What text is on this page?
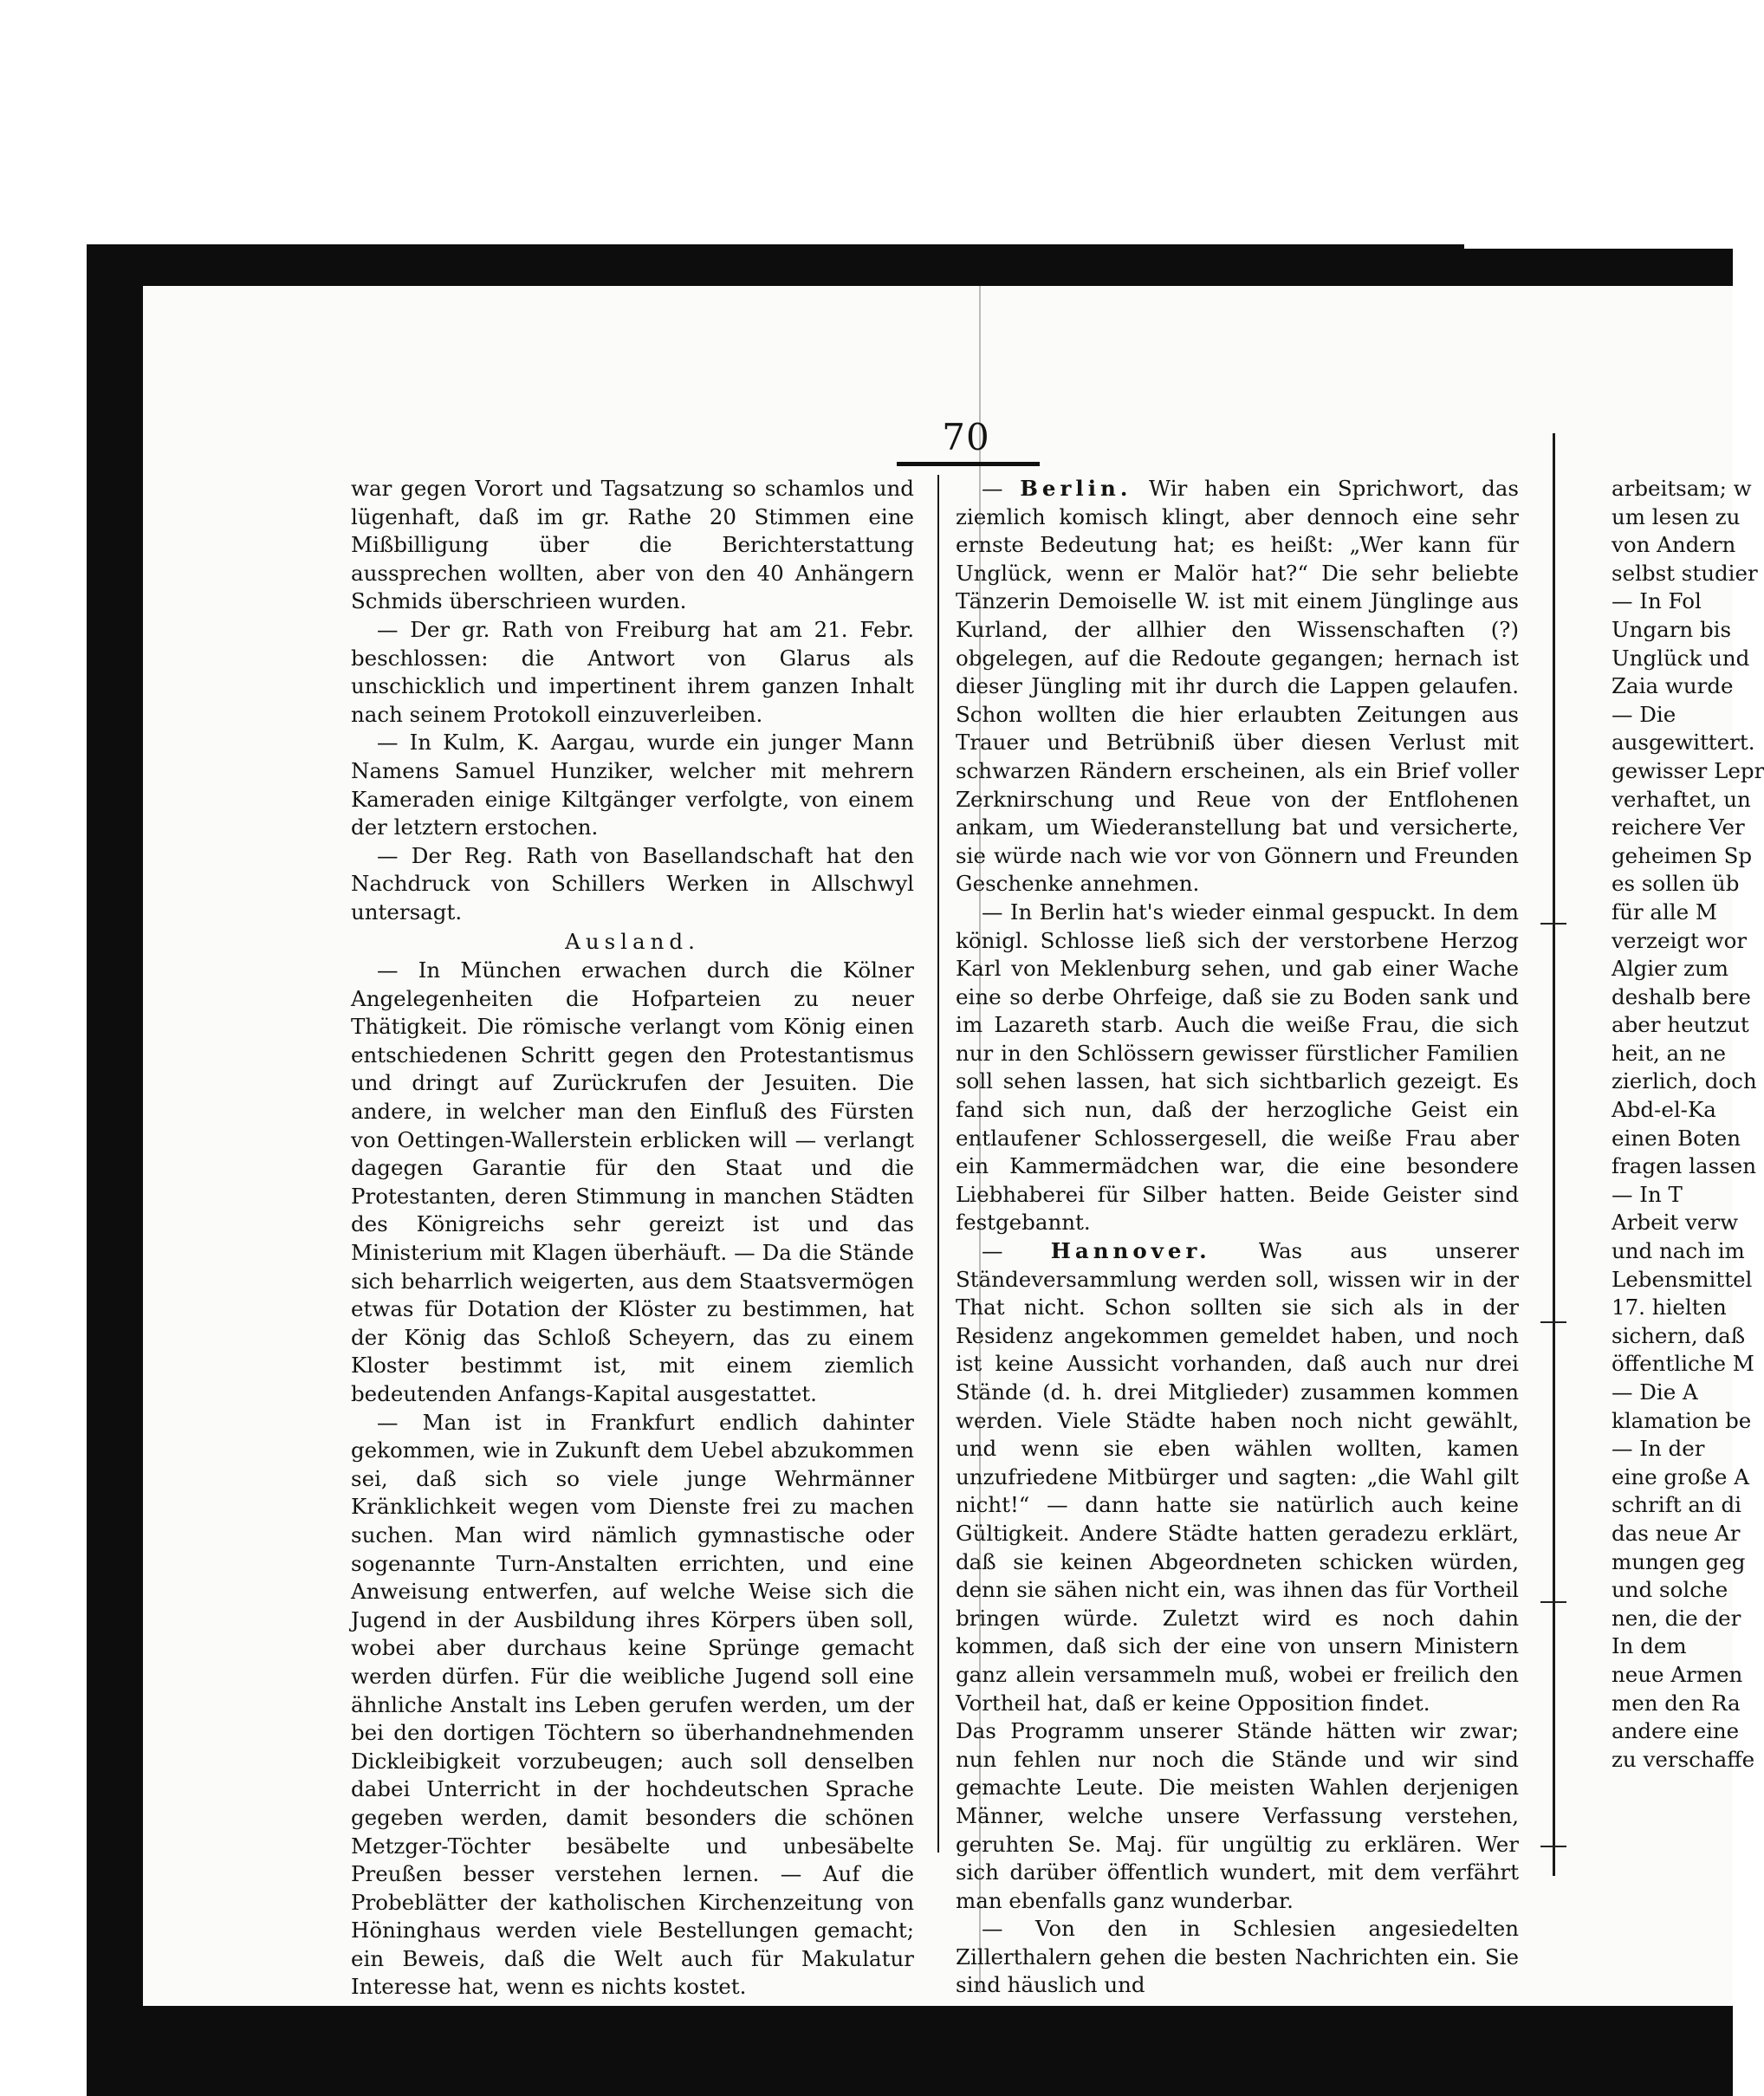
70

war gegen Vorort und Tagsatzung so schamlos und lügenhaft, daß im gr. Rathe 20 Stimmen eine Mißbilligung über die Berichterstattung aussprechen wollten, aber von den 40 Anhängern Schmids überschrieen wurden.

— Der gr. Rath von Freiburg hat am 21. Febr. beschlossen: die Antwort von Glarus als unschicklich und impertinent ihrem ganzen Inhalt nach seinem Protokoll einzuverleiben.

— In Kulm, K. Aargau, wurde ein junger Mann Namens Samuel Hunziker, welcher mit mehrern Kameraden einige Kiltgänger verfolgte, von einem der letztern erstochen.

— Der Reg. Rath von Basellandschaft hat den Nachdruck von Schillers Werken in Allschwyl untersagt.

Ausland.

— In München erwachen durch die Kölner Angelegenheiten die Hofparteien zu neuer Thätigkeit. Die römische verlangt vom König einen entschiedenen Schritt gegen den Protestantismus und dringt auf Zurückrufen der Jesuiten. Die andere, in welcher man den Einfluß des Fürsten von Oettingen-Wallerstein erblicken will — verlangt dagegen Garantie für den Staat und die Protestanten, deren Stimmung in manchen Städten des Königreichs sehr gereizt ist und das Ministerium mit Klagen überhäuft. — Da die Stände sich beharrlich weigerten, aus dem Staatsvermögen etwas für Dotation der Klöster zu bestimmen, hat der König das Schloß Scheyern, das zu einem Kloster bestimmt ist, mit einem ziemlich bedeutenden Anfangs-Kapital ausgestattet.

— Man ist in Frankfurt endlich dahinter gekommen, wie in Zukunft dem Uebel abzukommen sei, daß sich so viele junge Wehrmänner Kränklichkeit wegen vom Dienste frei zu machen suchen. Man wird nämlich gymnastische oder sogenannte Turn-Anstalten errichten, und eine Anweisung entwerfen, auf welche Weise sich die Jugend in der Ausbildung ihres Körpers üben soll, wobei aber durchaus keine Sprünge gemacht werden dürfen. Für die weibliche Jugend soll eine ähnliche Anstalt ins Leben gerufen werden, um der bei den dortigen Töchtern so überhandnehmenden Dickleibigkeit vorzubeugen; auch soll denselben dabei Unterricht in der hochdeutschen Sprache gegeben werden, damit besonders die schönen Metzger-Töchter besäbelte und unbesäbelte Preußen besser verstehen lernen. — Auf die Probeblätter der katholischen Kirchenzeitung von Höninghaus werden viele Bestellungen gemacht; ein Beweis, daß die Welt auch für Makulatur Interesse hat, wenn es nichts kostet.

— Berlin. Wir haben ein Sprichwort, das ziemlich komisch klingt, aber dennoch eine sehr ernste Bedeutung hat; es heißt: „Wer kann für Unglück, wenn er Malör hat?“ Die sehr beliebte Tänzerin Demoiselle W. ist mit einem Jünglinge aus Kurland, der allhier den Wissenschaften (?) obgelegen, auf die Redoute gegangen; hernach ist dieser Jüngling mit ihr durch die Lappen gelaufen. Schon wollten die hier erlaubten Zeitungen aus Trauer und Betrübniß über diesen Verlust mit schwarzen Rändern erscheinen, als ein Brief voller Zerknirschung und Reue von der Entflohenen ankam, um Wiederanstellung bat und versicherte, sie würde nach wie vor von Gönnern und Freunden Geschenke annehmen.

— In Berlin hat's wieder einmal gespuckt. In dem königl. Schlosse ließ sich der verstorbene Herzog Karl von Meklenburg sehen, und gab einer Wache eine so derbe Ohrfeige, daß sie zu Boden sank und im Lazareth starb. Auch die weiße Frau, die sich nur in den Schlössern gewisser fürstlicher Familien soll sehen lassen, hat sich sichtbarlich gezeigt. Es fand sich nun, daß der herzogliche Geist ein entlaufener Schlossergesell, die weiße Frau aber ein Kammermädchen war, die eine besondere Liebhaberei für Silber hatten. Beide Geister sind festgebannt.

— Hannover. Was aus unserer Ständeversammlung werden soll, wissen wir in der That nicht. Schon sollten sie sich als in der Residenz angekommen gemeldet haben, und noch ist keine Aussicht vorhanden, daß auch nur drei Stände (d. h. drei Mitglieder) zusammen kommen werden. Viele Städte haben noch nicht gewählt, und wenn sie eben wählen wollten, kamen unzufriedene Mitbürger und sagten: „die Wahl gilt nicht!“ — dann hatte sie natürlich auch keine Gültigkeit. Andere Städte hatten geradezu erklärt, daß sie keinen Abgeordneten schicken würden, denn sie sähen nicht ein, was ihnen das für Vortheil bringen würde. Zuletzt wird es noch dahin kommen, daß sich der eine von unsern Ministern ganz allein versammeln muß, wobei er freilich den Vortheil hat, daß er keine Opposition findet.

Das Programm unserer Stände hätten wir zwar; nun fehlen nur noch die Stände und wir sind gemachte Leute. Die meisten Wahlen derjenigen Männer, welche unsere Verfassung verstehen, geruhten Se. Maj. für ungültig zu erklären. Wer sich darüber öffentlich wundert, mit dem verfährt man ebenfalls ganz wunderbar.

— Von den in Schlesien angesiedelten Zillerthalern gehen die besten Nachrichten ein. Sie sind häuslich und

arbeitsam; w

um lesen zu

von Andern

selbst studier

— In Fol

Ungarn bis

Unglück und

Zaia wurde

— Die

ausgewittert.

gewisser Lepr

verhaftet, un

reichere Ver

geheimen Sp

es sollen üb

für alle M

verzeigt wor

Algier zum

deshalb bere

aber heutzut

heit, an ne

zierlich, doch

Abd-el-Ka

einen Boten

fragen lassen

— In T

Arbeit verw

und nach im

Lebensmittel

17. hielten

sichern, daß

öffentliche M

— Die A

klamation be

— In der

eine große A

schrift an di

das neue Ar

mungen geg

und solche

nen, die der

In dem

neue Armen

men den Ra

andere eine

zu verschaffe
